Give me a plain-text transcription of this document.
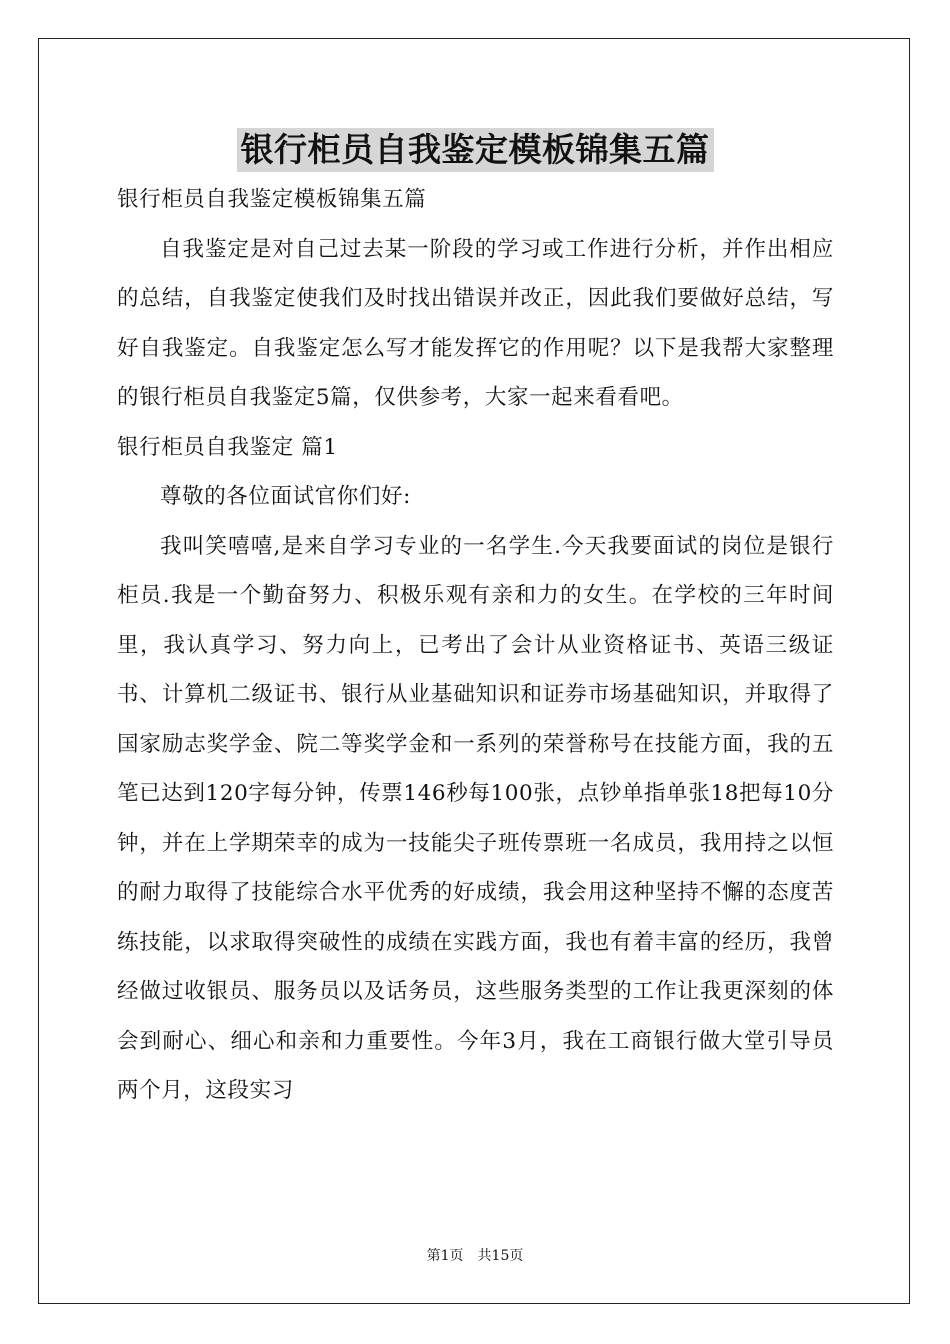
银行柜员自我鉴定模板锦集五篇

银行柜员自我鉴定模板锦集五篇

自我鉴定是对自己过去某一阶段的学习或工作进行分析，并作出相应的总结，自我鉴定使我们及时找出错误并改正，因此我们要做好总结，写好自我鉴定。自我鉴定怎么写才能发挥它的作用呢？以下是我帮大家整理的银行柜员自我鉴定5篇，仅供参考，大家一起来看看吧。

银行柜员自我鉴定 篇1

尊敬的各位面试官你们好:

我叫笑嘻嘻,是来自学习专业的一名学生.今天我要面试的岗位是银行柜员.我是一个勤奋努力、积极乐观有亲和力的女生。在学校的三年时间里，我认真学习、努力向上，已考出了会计从业资格证书、英语三级证书、计算机二级证书、银行从业基础知识和证券市场基础知识，并取得了国家励志奖学金、院二等奖学金和一系列的荣誉称号在技能方面，我的五笔已达到120字每分钟，传票146秒每100张，点钞单指单张18把每10分钟，并在上学期荣幸的成为一技能尖子班传票班一名成员，我用持之以恒的耐力取得了技能综合水平优秀的好成绩，我会用这种坚持不懈的态度苦练技能，以求取得突破性的成绩在实践方面，我也有着丰富的经历，我曾经做过收银员、服务员以及话务员，这些服务类型的工作让我更深刻的体会到耐心、细心和亲和力重要性。今年3月，我在工商银行做大堂引导员两个月，这段实习

第1页 共15页
